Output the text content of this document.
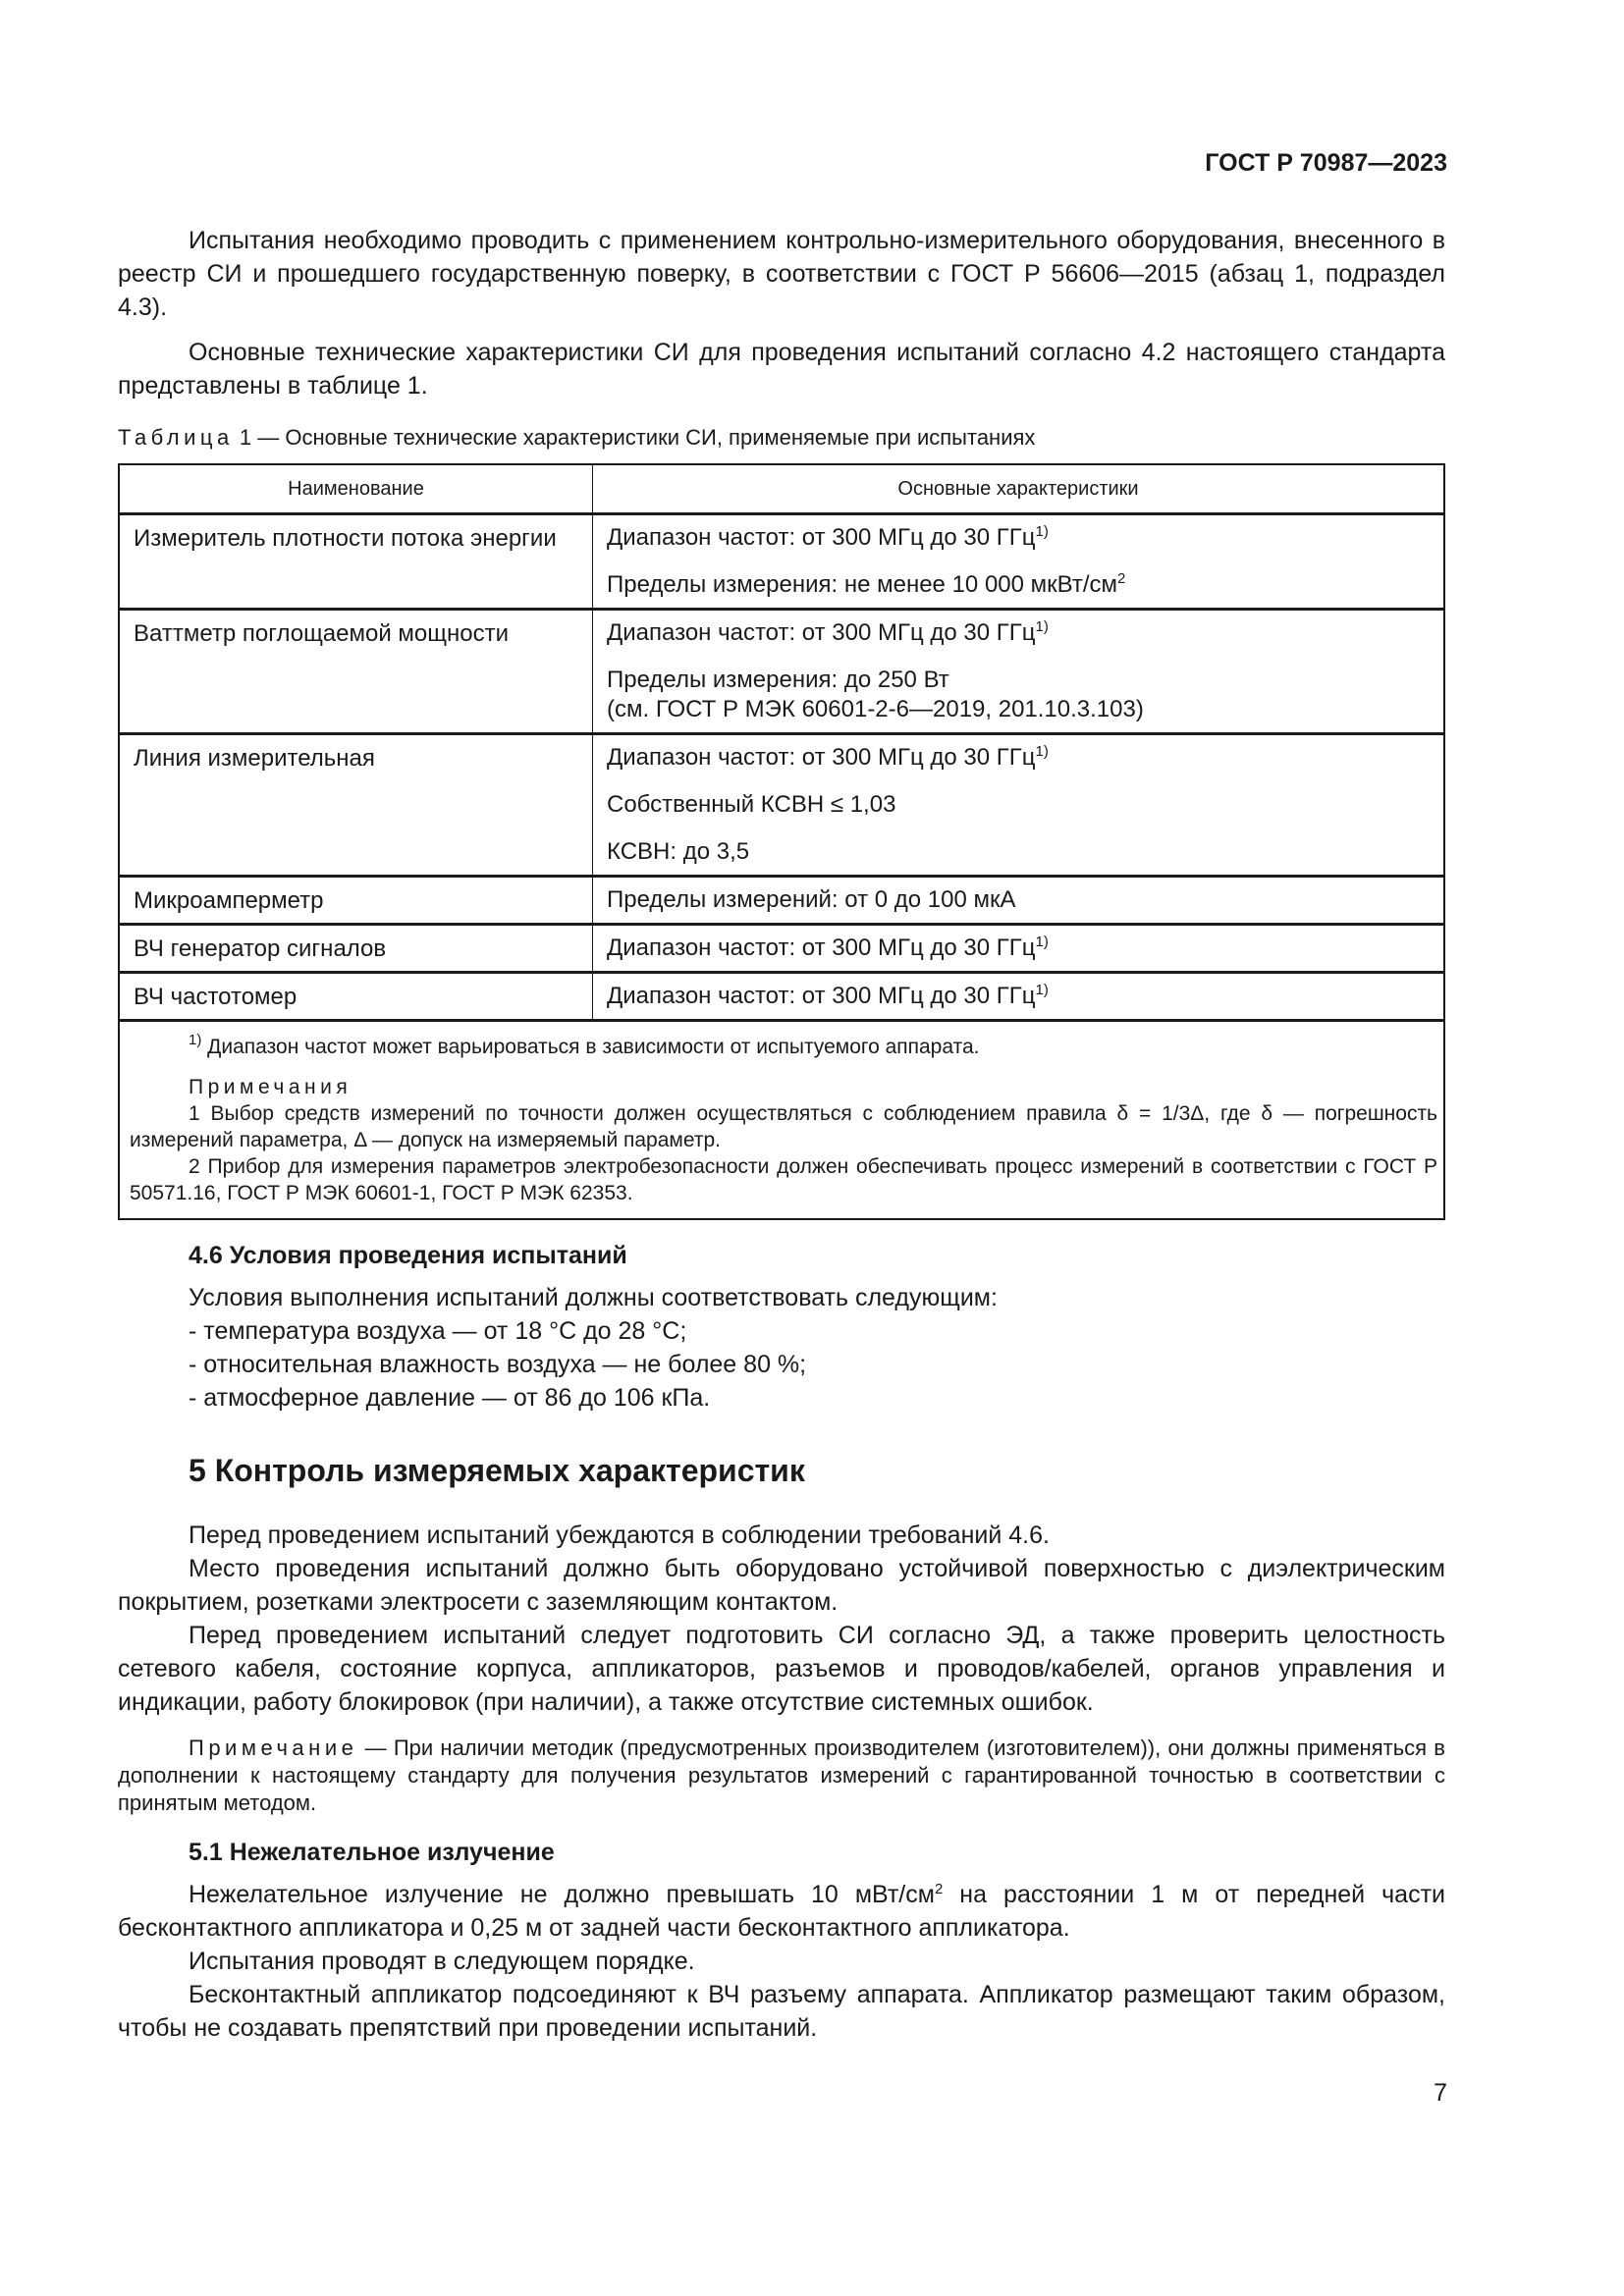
ГОСТ Р 70987—2023

Испытания необходимо проводить с применением контрольно-измерительного оборудования, внесенного в реестр СИ и прошедшего государственную поверку, в соответствии с ГОСТ Р 56606—2015 (абзац 1, подраздел 4.3).

Основные технические характеристики СИ для проведения испытаний согласно 4.2 настоящего стандарта представлены в таблице 1.

Таблица 1 — Основные технические характеристики СИ, применяемые при испытаниях
Наименование	Основные характеристики
Измеритель плотности потока энергии	Диапазон частот: от 300 МГц до 30 ГГц$^{1)}$
Пределы измерения: не менее 10 000 мкВт/$см^2$

Ваттметр поглощаемой мощности	Диапазон частот: от 300 МГц до 30 ГГц$^{1)}$
Пределы измерения: до 250 Вт
(см. ГОСТ Р МЭК 60601-2-6—2019, 201.10.3.103)

Линия измерительная	Диапазон частот: от 300 МГц до 30 ГГц$^{1)}$
Собственный КСВН ≤ 1,03
КСВН: до 3,5

Микроамперметр	Пределы измерений: от 0 до 100 мкА

ВЧ генератор сигналов	Диапазон частот: от 300 МГц до 30 ГГц$^{1)}$

ВЧ частотомер	Диапазон частот: от 300 МГц до 30 ГГц$^{1)}$

$^{1)}$ Диапазон частот может варьироваться в зависимости от испытуемого аппарата.
Примечания
1 Выбор средств измерений по точности должен осуществляться с соблюдением правила δ = 1/3Δ, где δ — погрешность измерений параметра, Δ — допуск на измеряемый параметр.
2 Прибор для измерения параметров электробезопасности должен обеспечивать процесс измерений в соответствии с ГОСТ Р 50571.16, ГОСТ Р МЭК 60601-1, ГОСТ Р МЭК 62353.	
4.6 Условия проведения испытаний

Условия выполнения испытаний должны соответствовать следующим:

- температура воздуха — от 18 °С до 28 °С;
- относительная влажность воздуха — не более 80 %;
- атмосферное давление — от 86 до 106 кПа.
5 Контроль измеряемых характеристик

Перед проведением испытаний убеждаются в соблюдении требований 4.6.

Место проведения испытаний должно быть оборудовано устойчивой поверхностью с диэлектрическим покрытием, розетками электросети с заземляющим контактом.

Перед проведением испытаний следует подготовить СИ согласно ЭД, а также проверить целостность сетевого кабеля, состояние корпуса, аппликаторов, разъемов и проводов/кабелей, органов управления и индикации, работу блокировок (при наличии), а также отсутствие системных ошибок.

Примечание — При наличии методик (предусмотренных производителем (изготовителем)), они должны применяться в дополнении к настоящему стандарту для получения результатов измерений с гарантированной точностью в соответствии с принятым методом.
5.1 Нежелательное излучение

Нежелательное излучение не должно превышать 10 мВт/$см^2$ на расстоянии 1 м от передней части бесконтактного аппликатора и 0,25 м от задней части бесконтактного аппликатора.

Испытания проводят в следующем порядке.

Бесконтактный аппликатор подсоединяют к ВЧ разъему аппарата. Аппликатор размещают таким образом, чтобы не создавать препятствий при проведении испытаний.

7
